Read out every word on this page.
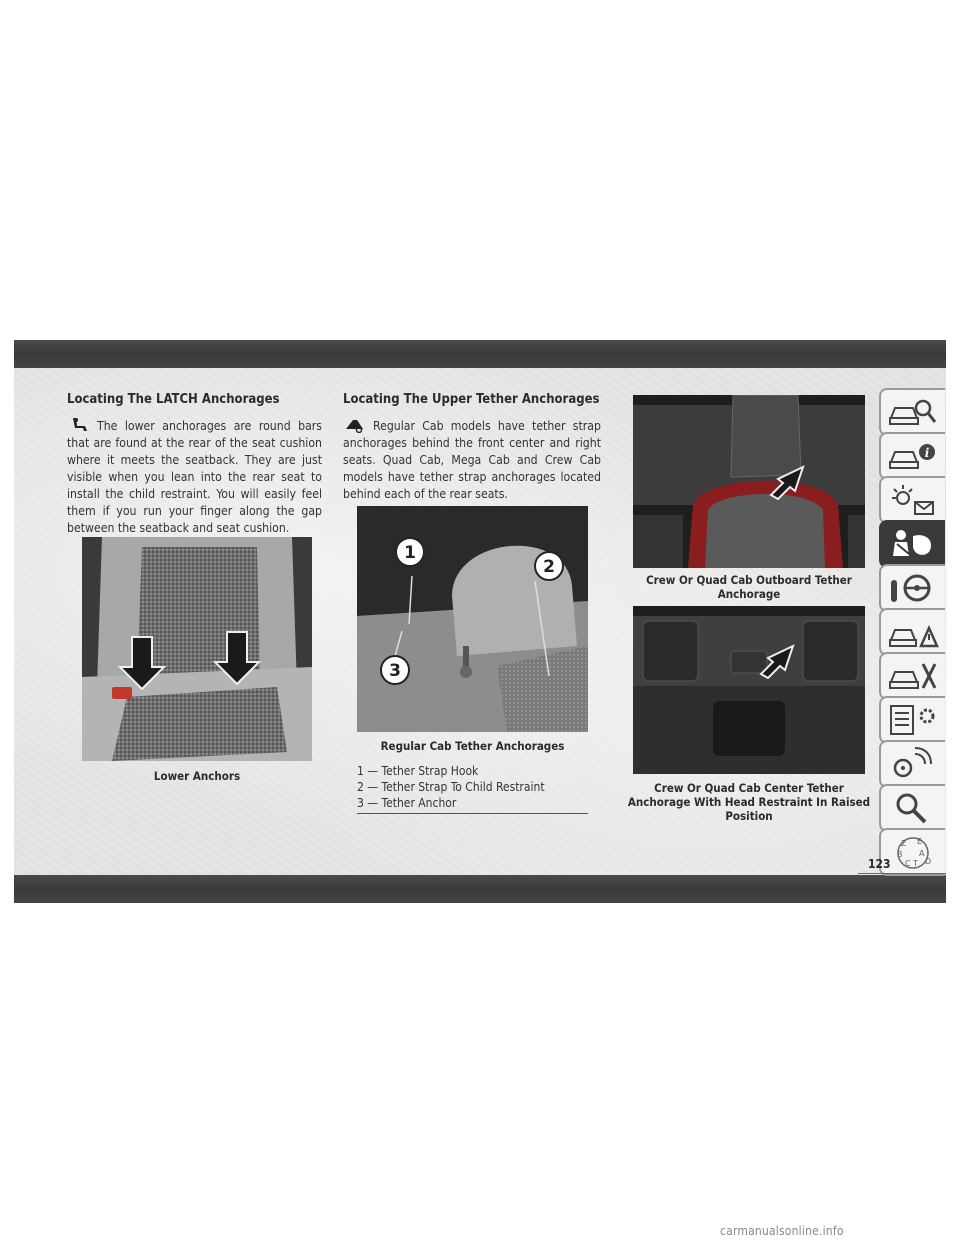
Locating The LATCH Anchorages

The lower anchorages are round bars that are found at the rear of the seat cushion where it meets the seatback. They are just visible when you lean into the rear seat to install the child restraint. You will easily feel them if you run your finger along the gap between the seatback and seat cushion.

Lower Anchors
Locating The Upper Tether Anchorages

Regular Cab models have tether strap anchorages behind the front center and right seats. Quad Cab, Mega Cab and Crew Cab models have tether strap anchorages located behind each of the rear seats.

1
2
3
Regular Cab Tether Anchorages
1 — Tether Strap Hook
2 — Tether Strap To Child Restraint
3 — Tether Anchor
Crew Or Quad Cab Outboard Tether
Anchorage
Crew Or Quad Cab Center Tether
Anchorage With Head Restraint In Raised
Position
i
Z E
B A
C T D
123
carmanualsonline.info
